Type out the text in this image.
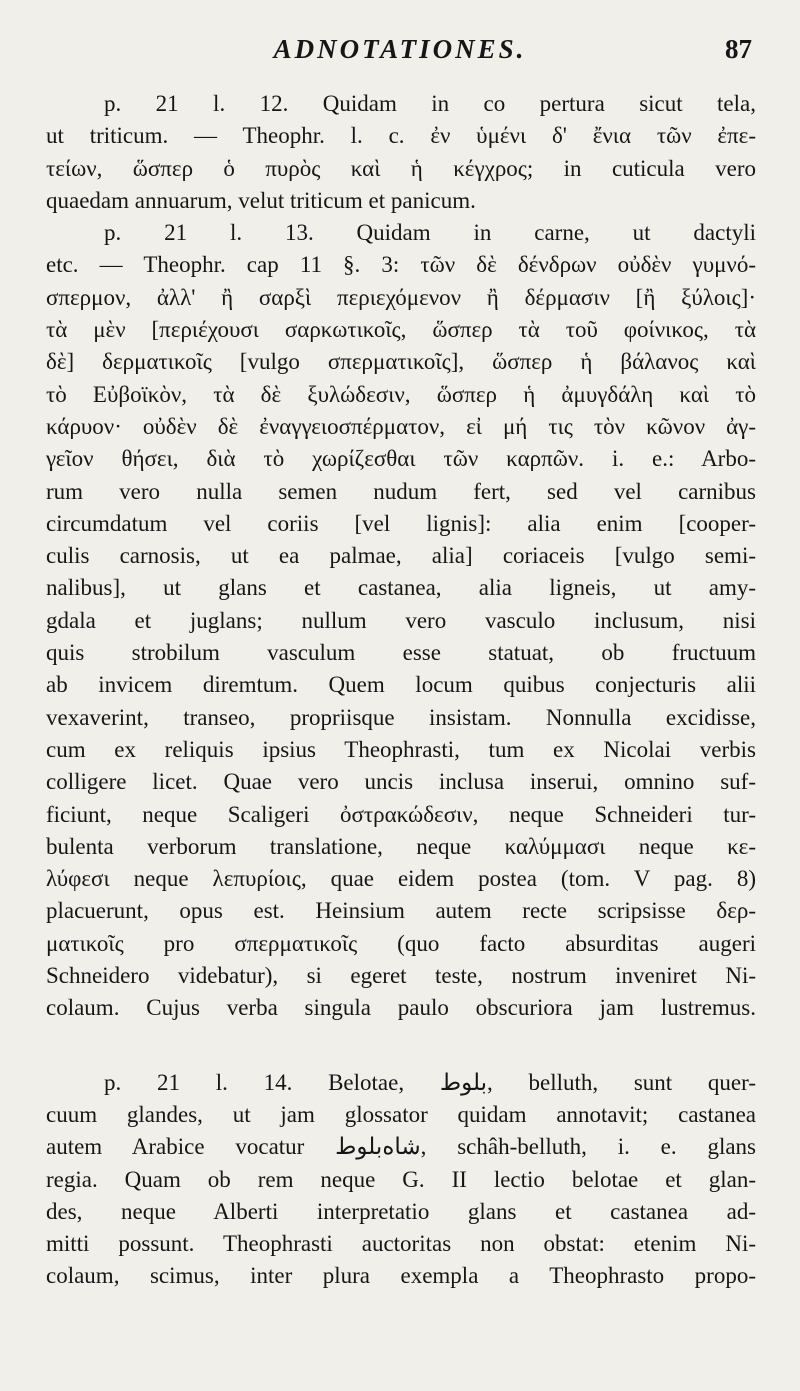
ADNOTATIONES.	87
p. 21 l. 12. Quidam in co pertura sicut tela,
ut triticum. — Theophr. l. c. ἐν ὑμένι δ' ἔνια τῶν ἐπε-
τείων, ὥσπερ ὁ πυρὸς καὶ ἡ κέγχρος; in cuticula vero
quaedam annuarum, velut triticum et panicum.
p. 21 l. 13. Quidam in carne, ut dactyli
etc. — Theophr. cap 11 §. 3: τῶν δὲ δένδρων οὐδὲν γυμνό-
σπερμον, ἀλλ' ἢ σαρξὶ περιεχόμενον ἢ δέρμασιν [ἢ ξύλοις]·
τὰ μὲν [περιέχουσι σαρκωτικοῖς, ὥσπερ τὰ τοῦ φοίνικος, τὰ
δὲ] δερματικοῖς [vulgo σπερματικοῖς], ὥσπερ ἡ βάλανος καὶ
τὸ Εὐβοϊκὸν, τὰ δὲ ξυλώδεσιν, ὥσπερ ἡ ἀμυγδάλη καὶ τὸ
κάρυον· οὐδὲν δὲ ἐναγγειοσπέρματον, εἰ μή τις τὸν κῶνον ἀγ-
γεῖον θήσει, διὰ τὸ χωρίζεσθαι τῶν καρπῶν. i. e.: Arbo-
rum vero nulla semen nudum fert, sed vel carnibus
circumdatum vel coriis [vel lignis]: alia enim [cooper-
culis carnosis, ut ea palmae, alia] coriaceis [vulgo semi-
nalibus], ut glans et castanea, alia ligneis, ut amy-
gdala et juglans; nullum vero vasculo inclusum, nisi
quis strobilum vasculum esse statuat, ob fructuum
ab invicem diremtum. Quem locum quibus conjecturis alii
vexaverint, transeo, propriisque insistam. Nonnulla excidisse,
cum ex reliquis ipsius Theophrasti, tum ex Nicolai verbis
colligere licet. Quae vero uncis inclusa inserui, omnino suf-
ficiunt, neque Scaligeri ὀστρακώδεσιν, neque Schneideri tur-
bulenta verborum translatione, neque καλύμμασι neque κε-
λύφεσι neque λεπυρίοις, quae eidem postea (tom. V pag. 8)
placuerunt, opus est. Heinsium autem recte scripsisse δερ-
ματικοῖς pro σπερματικοῖς (quo facto absurditas augeri
Schneidero videbatur), si egeret teste, nostrum inveniret Ni-
colaum. Cujus verba singula paulo obscuriora jam lustremus.
p. 21 l. 14. Belotae, بلوط, belluth, sunt quer-
cuum glandes, ut jam glossator quidam annotavit; castanea
autem Arabice vocatur شاه‌بلوط, schâh-belluth, i. e. glans
regia. Quam ob rem neque G. II lectio belotae et glan-
des, neque Alberti interpretatio glans et castanea ad-
mitti possunt. Theophrasti auctoritas non obstat: etenim Ni-
colaum, scimus, inter plura exempla a Theophrasto propo-
